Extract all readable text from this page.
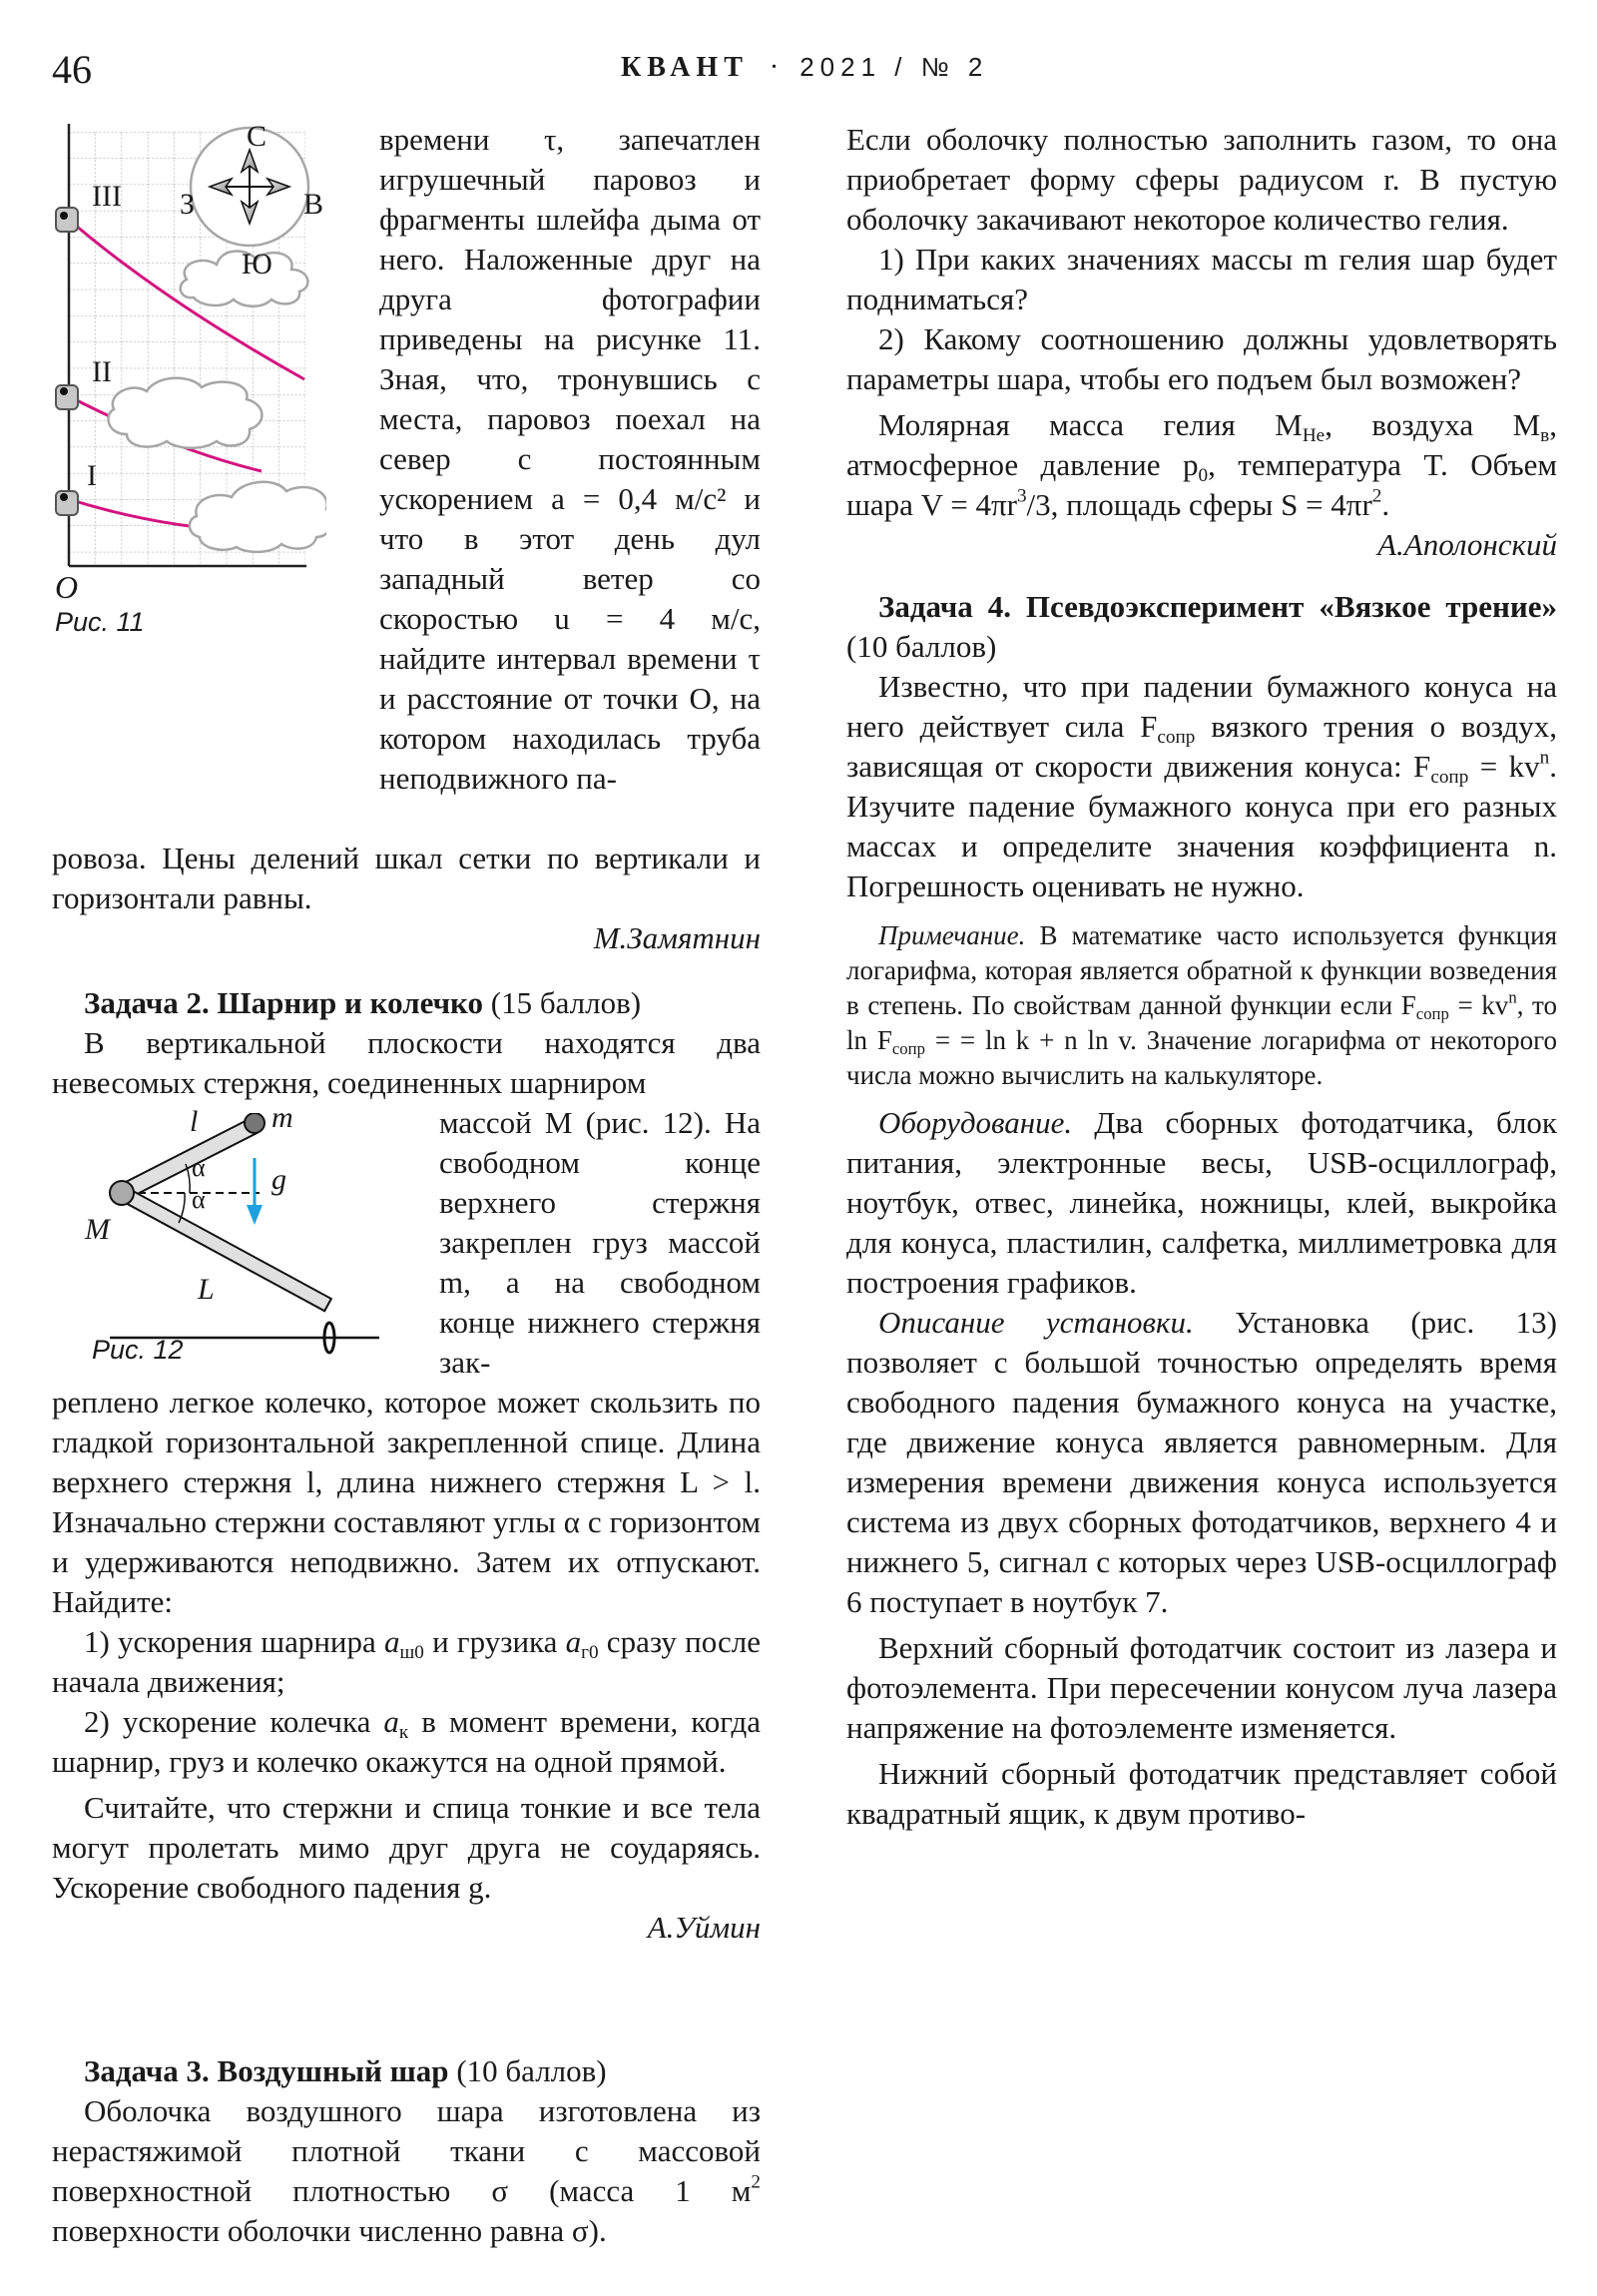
46	КВАНТ · 2021 / № 2
С
Ю
З	В
III
II
I
O
Рис. 11

времени τ, запечатлен игрушечный паровоз и фрагменты шлейфа дыма от него. Наложенные друг на друга фотографии приведены на рисунке 11. Зная, что, тронувшись с места, паровоз поехал на север с постоянным ускорением a = 0,4 м/с² и что в этот день дул западный ветер со скоростью u = 4 м/с, найдите интервал времени τ и расстояние от точки O, на котором находилась труба неподвижного па-

ровоза. Цены делений шкал сетки по вертикали и горизонтали равны.

М.Замятнин

Задача 2. Шарнир и колечко (15 баллов)

В вертикальной плоскости находятся два невесомых стержня, соединенных шарниром

l m
α
α
g
M
L
Рис. 12

массой M (рис. 12). На свободном конце верхнего стержня закреплен груз массой m, а на свободном конце нижнего стержня зак-

реплено легкое колечко, которое может скользить по гладкой горизонтальной закрепленной спице. Длина верхнего стержня l, длина нижнего стержня L > l. Изначально стержни составляют углы α с горизонтом и удерживаются неподвижно. Затем их отпускают. Найдите:

1) ускорения шарнира $a_{ш0}$ и грузика $a_{г0}$ сразу после начала движения;

2) ускорение колечка $a_к$ в момент времени, когда шарнир, груз и колечко окажутся на одной прямой.

Считайте, что стержни и спица тонкие и все тела могут пролетать мимо друг друга не соударяясь. Ускорение свободного падения g.

А.Уймин

Задача 3. Воздушный шар (10 баллов)

Оболочка воздушного шара изготовлена из нерастяжимой плотной ткани с массовой поверхностной плотностью σ (масса 1 $м^2$ поверхности оболочки численно равна σ).

Если оболочку полностью заполнить газом, то она приобретает форму сферы радиусом r. В пустую оболочку закачивают некоторое количество гелия.

1) При каких значениях массы m гелия шар будет подниматься?

2) Какому соотношению должны удовлетворять параметры шара, чтобы его подъем был возможен?

Молярная масса гелия $M_{He}$, воздуха $M_в$, атмосферное давление $p_0$, температура T. Объем шара $V = 4\pi r^3/3$, площадь сферы $S = 4\pi r^2$.

А.Аполонский

Задача 4. Псевдоэксперимент «Вязкое трение» (10 баллов)

Известно, что при падении бумажного конуса на него действует сила $F_{сопр}$ вязкого трения о воздух, зависящая от скорости движения конуса: $F_{сопр} = kv^n$. Изучите падение бумажного конуса при его разных массах и определите значения коэффициента n. Погрешность оценивать не нужно.

Примечание. В математике часто используется функция логарифма, которая является обратной к функции возведения в степень. По свойствам данной функции если $F_{сопр} = kv^n$, то $\ln F_{сопр}$ = = ln k + n ln v. Значение логарифма от некоторого числа можно вычислить на калькуляторе.

Оборудование. Два сборных фотодатчика, блок питания, электронные весы, USB-осциллограф, ноутбук, отвес, линейка, ножницы, клей, выкройка для конуса, пластилин, салфетка, миллиметровка для построения графиков.

Описание установки. Установка (рис. 13) позволяет с большой точностью определять время свободного падения бумажного конуса на участке, где движение конуса является равномерным. Для измерения времени движения конуса используется система из двух сборных фотодатчиков, верхнего 4 и нижнего 5, сигнал с которых через USB-осциллограф 6 поступает в ноутбук 7.

Верхний сборный фотодатчик состоит из лазера и фотоэлемента. При пересечении конусом луча лазера напряжение на фотоэлементе изменяется.

Нижний сборный фотодатчик представляет собой квадратный ящик, к двум противо-
